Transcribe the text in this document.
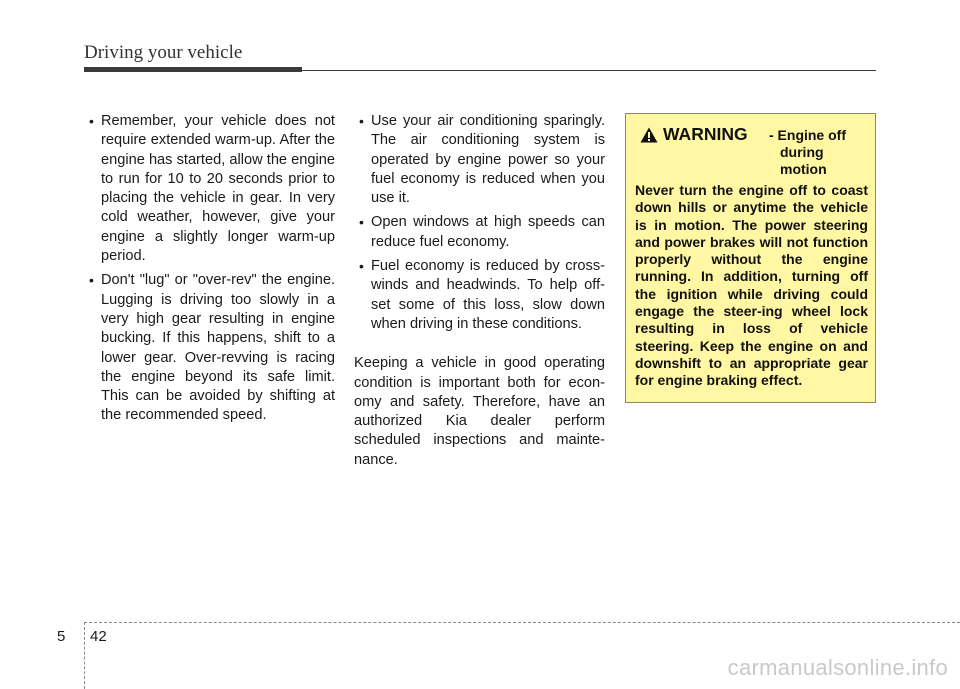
Driving your vehicle
• Remember, your vehicle does not require extended warm-up. After the engine has started, allow the engine to run for 10 to 20 seconds prior to placing the vehicle in gear. In very cold weather, however, give your engine a slightly longer warm-up period.
• Don't "lug" or "over-rev" the engine. Lugging is driving too slowly in a very high gear resulting in engine bucking. If this happens, shift to a lower gear. Over-revving is racing the engine beyond its safe limit. This can be avoided by shifting at the recommended speed.
• Use your air conditioning sparingly. The air conditioning system is operated by engine power so your fuel economy is reduced when you use it.
• Open windows at high speeds can reduce fuel economy.
• Fuel economy is reduced by cross-winds and headwinds. To help off-set some of this loss, slow down when driving in these conditions.
Keeping a vehicle in good operating condition is important both for econ-omy and safety. Therefore, have an authorized Kia dealer perform scheduled inspections and mainte-nance.
WARNING - Engine off
during
motion
Never turn the engine off to coast down hills or anytime the vehicle is in motion. The power steering and power brakes will not function properly without the engine running. In addition, turning off the ignition while driving could engage the steer-ing wheel lock resulting in loss of vehicle steering. Keep the engine on and downshift to an appropriate gear for engine braking effect.
5 42
carmanualsonline.info
